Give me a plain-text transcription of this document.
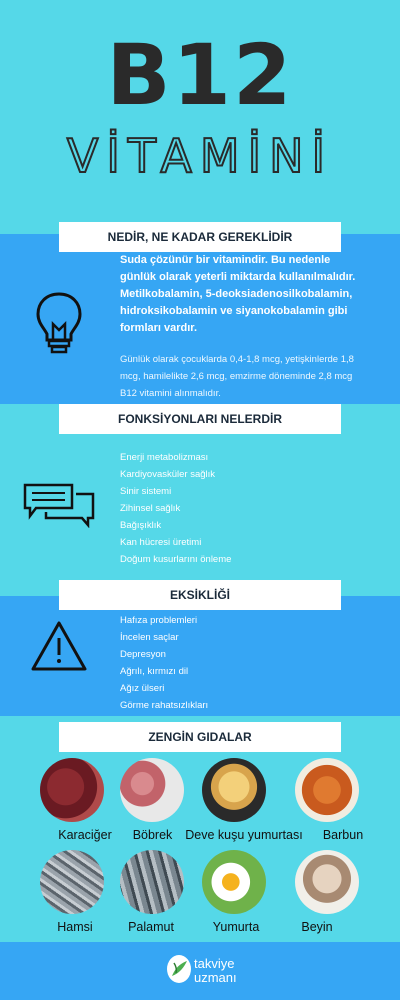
B12
VİTAMİNİ
NEDİR, NE KADAR GEREKLİDİR
Suda çözünür bir vitamindir. Bu nedenle
günlük olarak yeterli miktarda kullanılmalıdır.
Metilkobalamin, 5-deoksiadenosilkobalamin,
hidroksikobalamin ve siyanokobalamin gibi
formları vardır.
Günlük olarak çocuklarda 0,4-1,8 mcg, yetişkinlerde 1,8
mcg, hamilelikte 2,6 mcg, emzirme döneminde 2,8 mcg
B12 vitamini alınmalıdır.
FONKSİYONLARI NELERDİR
Enerji metabolizması
Kardiyovasküler sağlık
Sinir sistemi
Zihinsel sağlık
Bağışıklık
Kan hücresi üretimi
Doğum kusurlarını önleme
EKSİKLİĞİ
Hafıza problemleri
İncelen saçlar
Depresyon
Ağrılı, kırmızı dil
Ağız ülseri
Görme rahatsızlıkları
ZENGİN GIDALAR
Karaciğer	Böbrek	Deve kuşu yumurtası	Barbun
Hamsi	Palamut	Yumurta	Beyin
takviye
uzmanı
